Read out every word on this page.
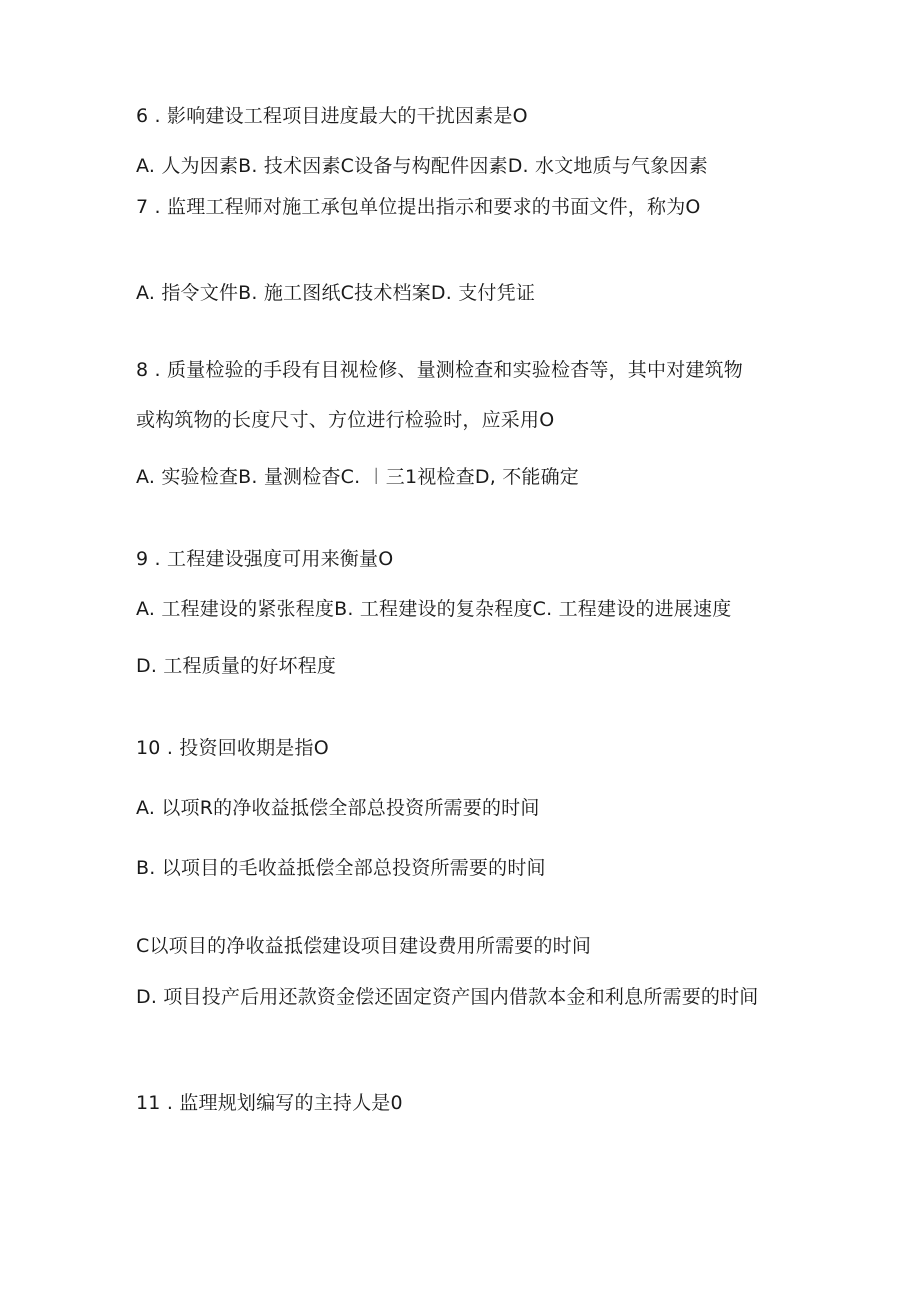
6 . 影响建设工程项目进度最大的干扰因素是O
A. 人为因素B. 技术因素C设备与构配件因素D. 水文地质与气象因素
7 . 监理工程师对施工承包单位提出指示和要求的书面文件，称为O
A. 指令文件B. 施工图纸C技术档案D. 支付凭证
8 . 质量检验的手段有目视检修、量测检查和实验检杳等，其中对建筑物
或构筑物的长度尺寸、方位进行检验时，应采用O
A. 实验检查B. 量测检杳C. ︱三1视检查D, 不能确定
9 . 工程建设强度可用来衡量O
A. 工程建设的紧张程度B. 工程建设的复杂程度C. 工程建设的进展速度
D. 工程质量的好坏程度
10 . 投资回收期是指O
A. 以项R的净收益抵偿全部总投资所需要的时间
B. 以项目的毛收益抵偿全部总投资所需要的时间
C以项目的净收益抵偿建设项目建设费用所需要的时间
D. 项目投产后用还款资金偿还固定资产国内借款本金和利息所需要的时间
11 . 监理规划编写的主持人是0
